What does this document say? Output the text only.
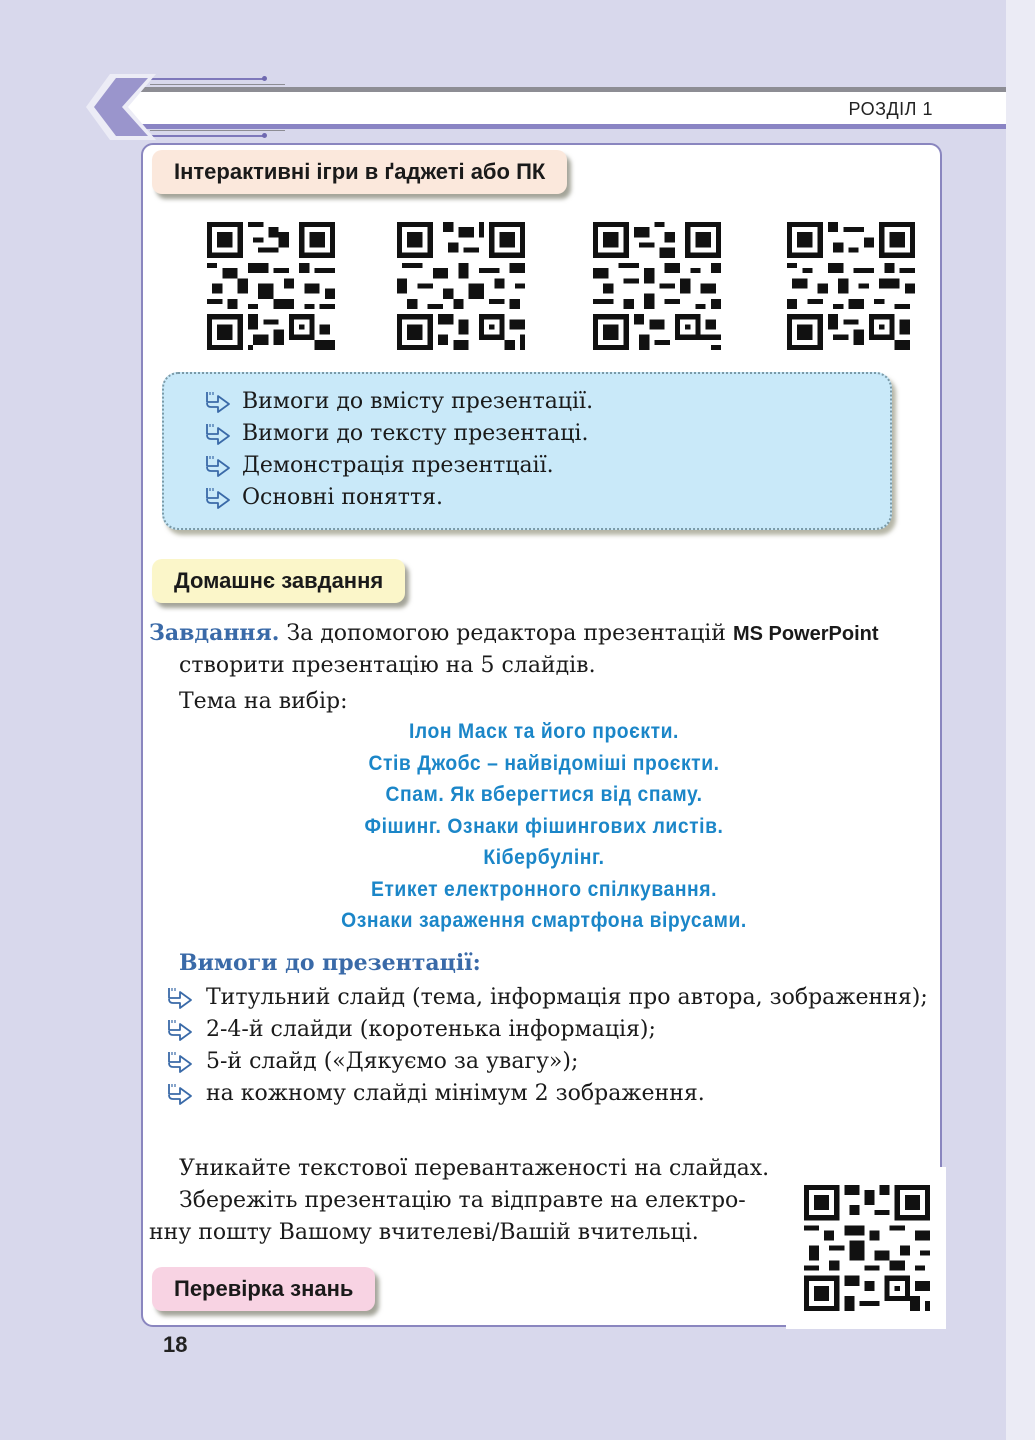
РОЗДІЛ 1
Інтерактивні ігри в ґаджеті або ПК
Вимоги до вмісту презентації.
Вимоги до тексту презентаці.
Демонстрація презентцаії.
Основні поняття.
Домашнє завдання
Завдання. За допомогою редактора презентацій MS PowerPoint
створити презентацію на 5 слайдів.
Тема на вибір:
Ілон Маск та його проєкти.
Стів Джобс – найвідоміші проєкти.
Спам. Як вберегтися від спаму.
Фішинг. Ознаки фішингових листів.
Кібербулінг.
Етикет електронного спілкування.
Ознаки зараження смартфона вірусами.
Вимоги до презентації:
Титульний слайд (тема, інформація про автора, зображення);
2-4-й слайди (коротенька інформація);
5-й слайд («Дякуємо за увагу»);
на кожному слайді мінімум 2 зображення.
Уникайте текстової перевантаженості на слайдах.
Збережіть презентацію та відправте на електро-
нну пошту Вашому вчителеві/Вашій вчительці.
Перевірка знань
18
